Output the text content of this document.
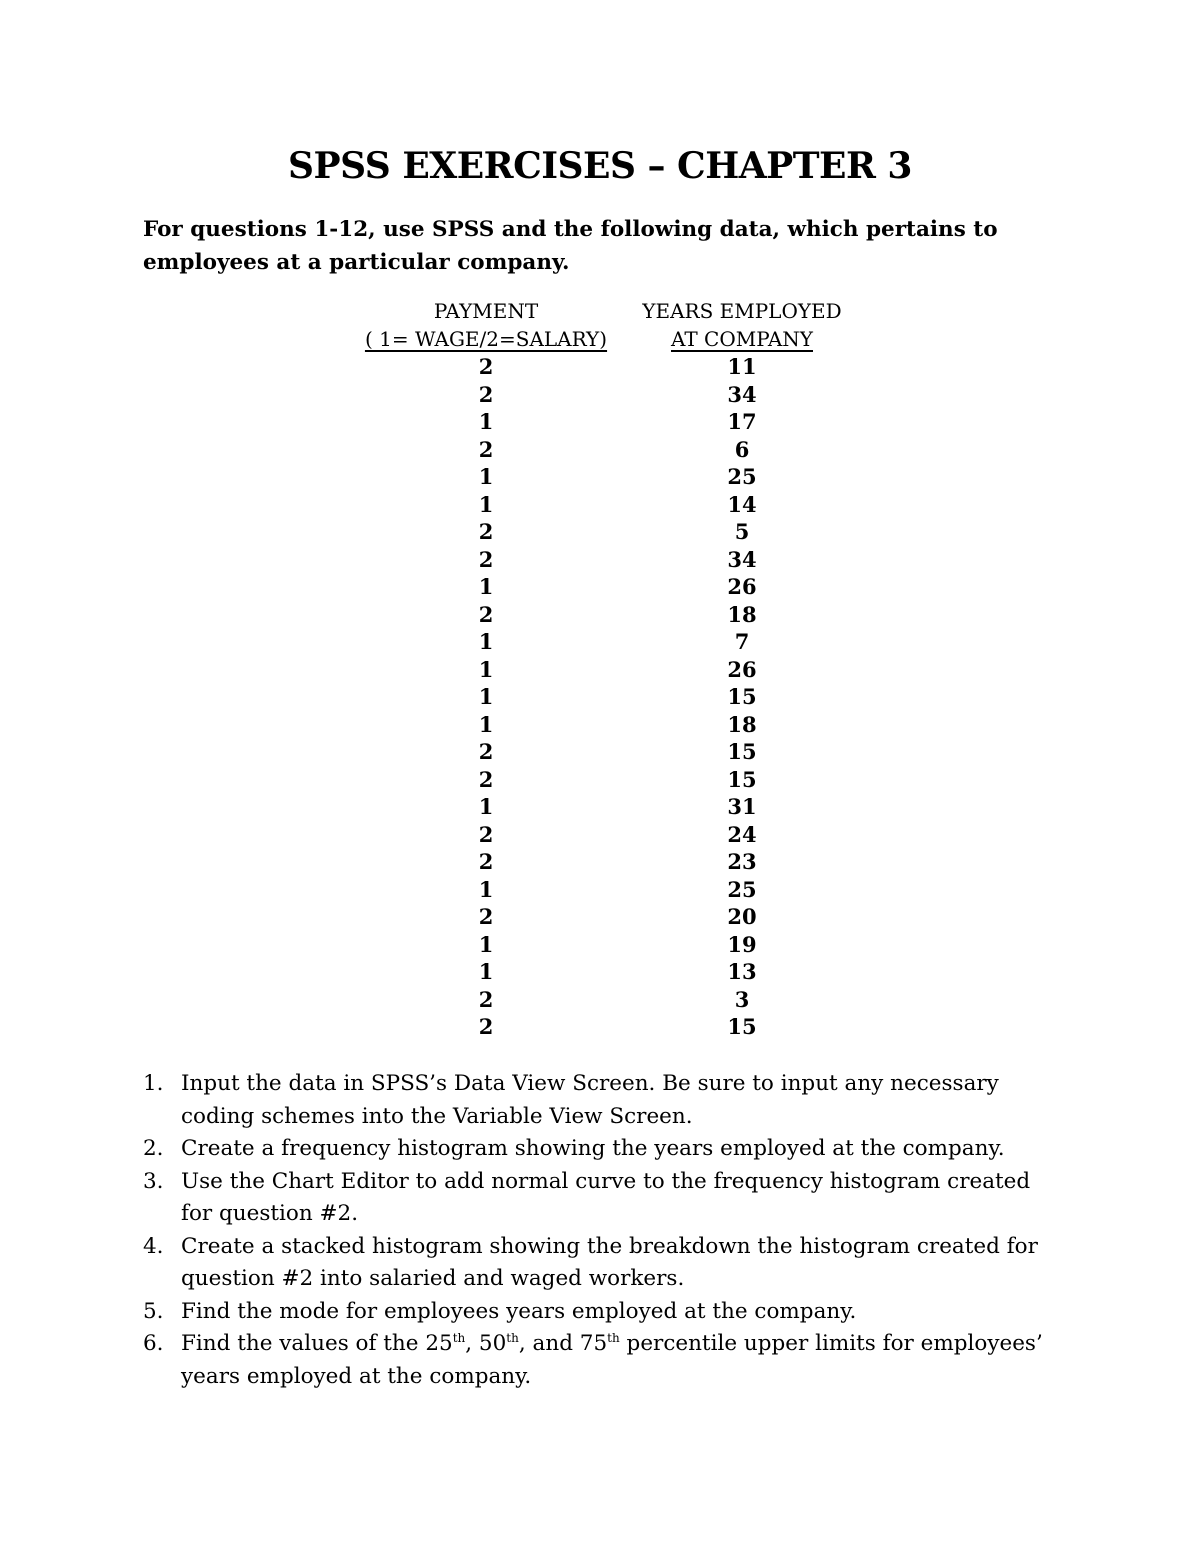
SPSS EXERCISES – CHAPTER 3
For questions 1-12, use SPSS and the following data, which pertains to employees at a particular company.
PAYMENT	YEARS EMPLOYED
( 1= WAGE/2=SALARY)	AT COMPANY
2	11
2	34
1	17
2	6
1	25
1	14
2	5
2	34
1	26
2	18
1	7
1	26
1	15
1	18
2	15
2	15
1	31
2	24
2	23
1	25
2	20
1	19
1	13
2	3
2	15
1. Input the data in SPSS’s Data View Screen. Be sure to input any necessary coding schemes into the Variable View Screen.
2. Create a frequency histogram showing the years employed at the company.
3. Use the Chart Editor to add normal curve to the frequency histogram created for question #2.
4. Create a stacked histogram showing the breakdown the histogram created for question #2 into salaried and waged workers.
5. Find the mode for employees years employed at the company.
6. Find the values of the 25th, 50th, and 75th percentile upper limits for employees’ years employed at the company.
